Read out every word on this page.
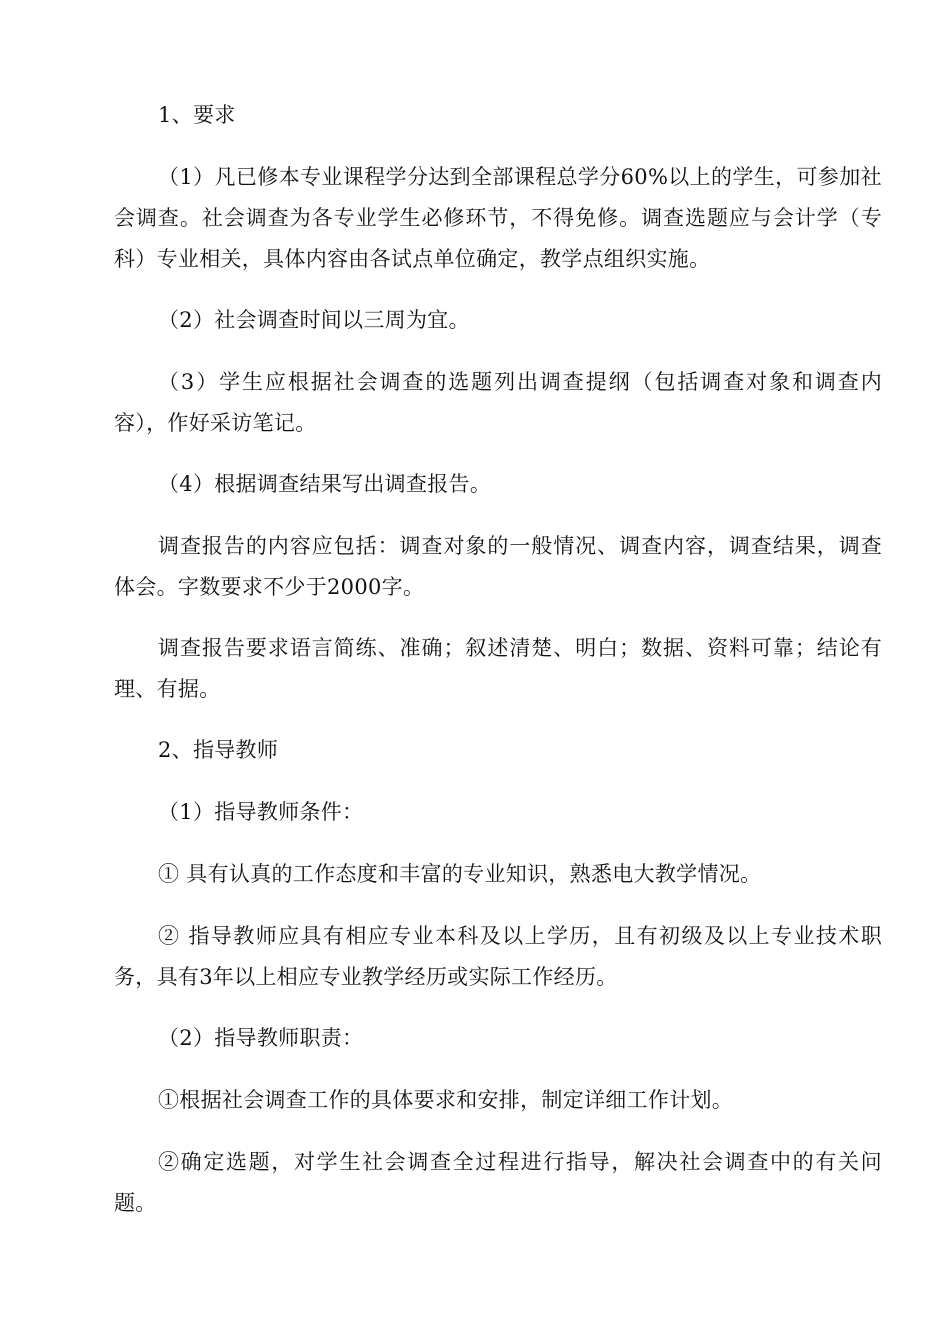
1、要求

（1）凡已修本专业课程学分达到全部课程总学分60%以上的学生，可参加社会调查。社会调查为各专业学生必修环节，不得免修。调查选题应与会计学（专科）专业相关，具体内容由各试点单位确定，教学点组织实施。

（2）社会调查时间以三周为宜。

（3）学生应根据社会调查的选题列出调查提纲（包括调查对象和调查内容），作好采访笔记。

（4）根据调查结果写出调查报告。

调查报告的内容应包括：调查对象的一般情况、调查内容，调查结果，调查体会。字数要求不少于2000字。

调查报告要求语言简练、准确；叙述清楚、明白；数据、资料可靠；结论有理、有据。

2、指导教师

（1）指导教师条件：

① 具有认真的工作态度和丰富的专业知识，熟悉电大教学情况。

② 指导教师应具有相应专业本科及以上学历，且有初级及以上专业技术职务，具有3年以上相应专业教学经历或实际工作经历。

（2）指导教师职责：

①根据社会调查工作的具体要求和安排，制定详细工作计划。

②确定选题，对学生社会调查全过程进行指导，解决社会调查中的有关问题。
